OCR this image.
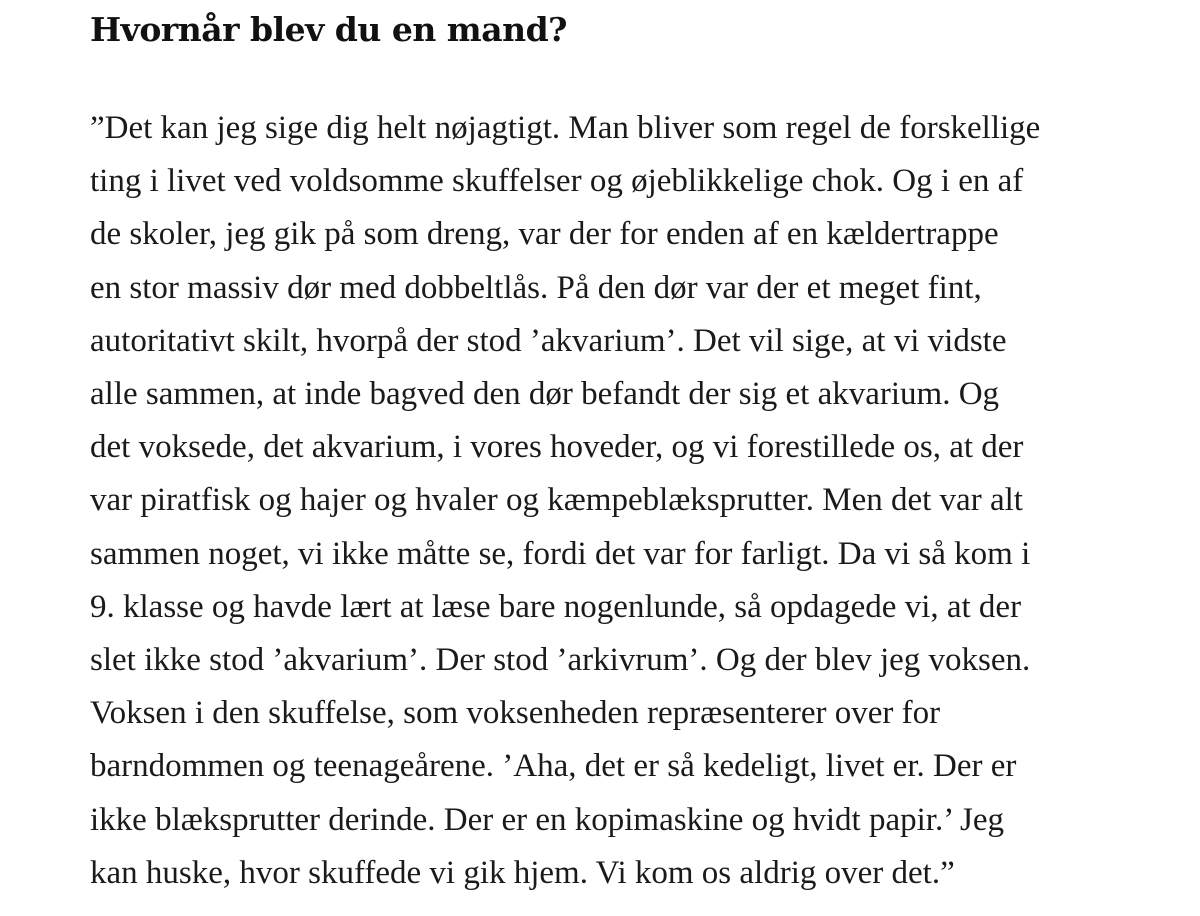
Hvornår blev du en mand?
”Det kan jeg sige dig helt nøjagtigt. Man bliver som regel de forskellige
ting i livet ved voldsomme skuffelser og øjeblikkelige chok. Og i en af
de skoler, jeg gik på som dreng, var der for enden af en kældertrappe
en stor massiv dør med dobbeltlås. På den dør var der et meget fint,
autoritativt skilt, hvorpå der stod ’akvarium’. Det vil sige, at vi vidste
alle sammen, at inde bagved den dør befandt der sig et akvarium. Og
det voksede, det akvarium, i vores hoveder, og vi forestillede os, at der
var piratfisk og hajer og hvaler og kæmpeblæksprutter. Men det var alt
sammen noget, vi ikke måtte se, fordi det var for farligt. Da vi så kom i
9. klasse og havde lært at læse bare nogenlunde, så opdagede vi, at der
slet ikke stod ’akvarium’. Der stod ’arkivrum’. Og der blev jeg voksen.
Voksen i den skuffelse, som voksenheden repræsenterer over for
barndommen og teenageårene. ’Aha, det er så kedeligt, livet er. Der er
ikke blæksprutter derinde. Der er en kopimaskine og hvidt papir.’ Jeg
kan huske, hvor skuffede vi gik hjem. Vi kom os aldrig over det.”
